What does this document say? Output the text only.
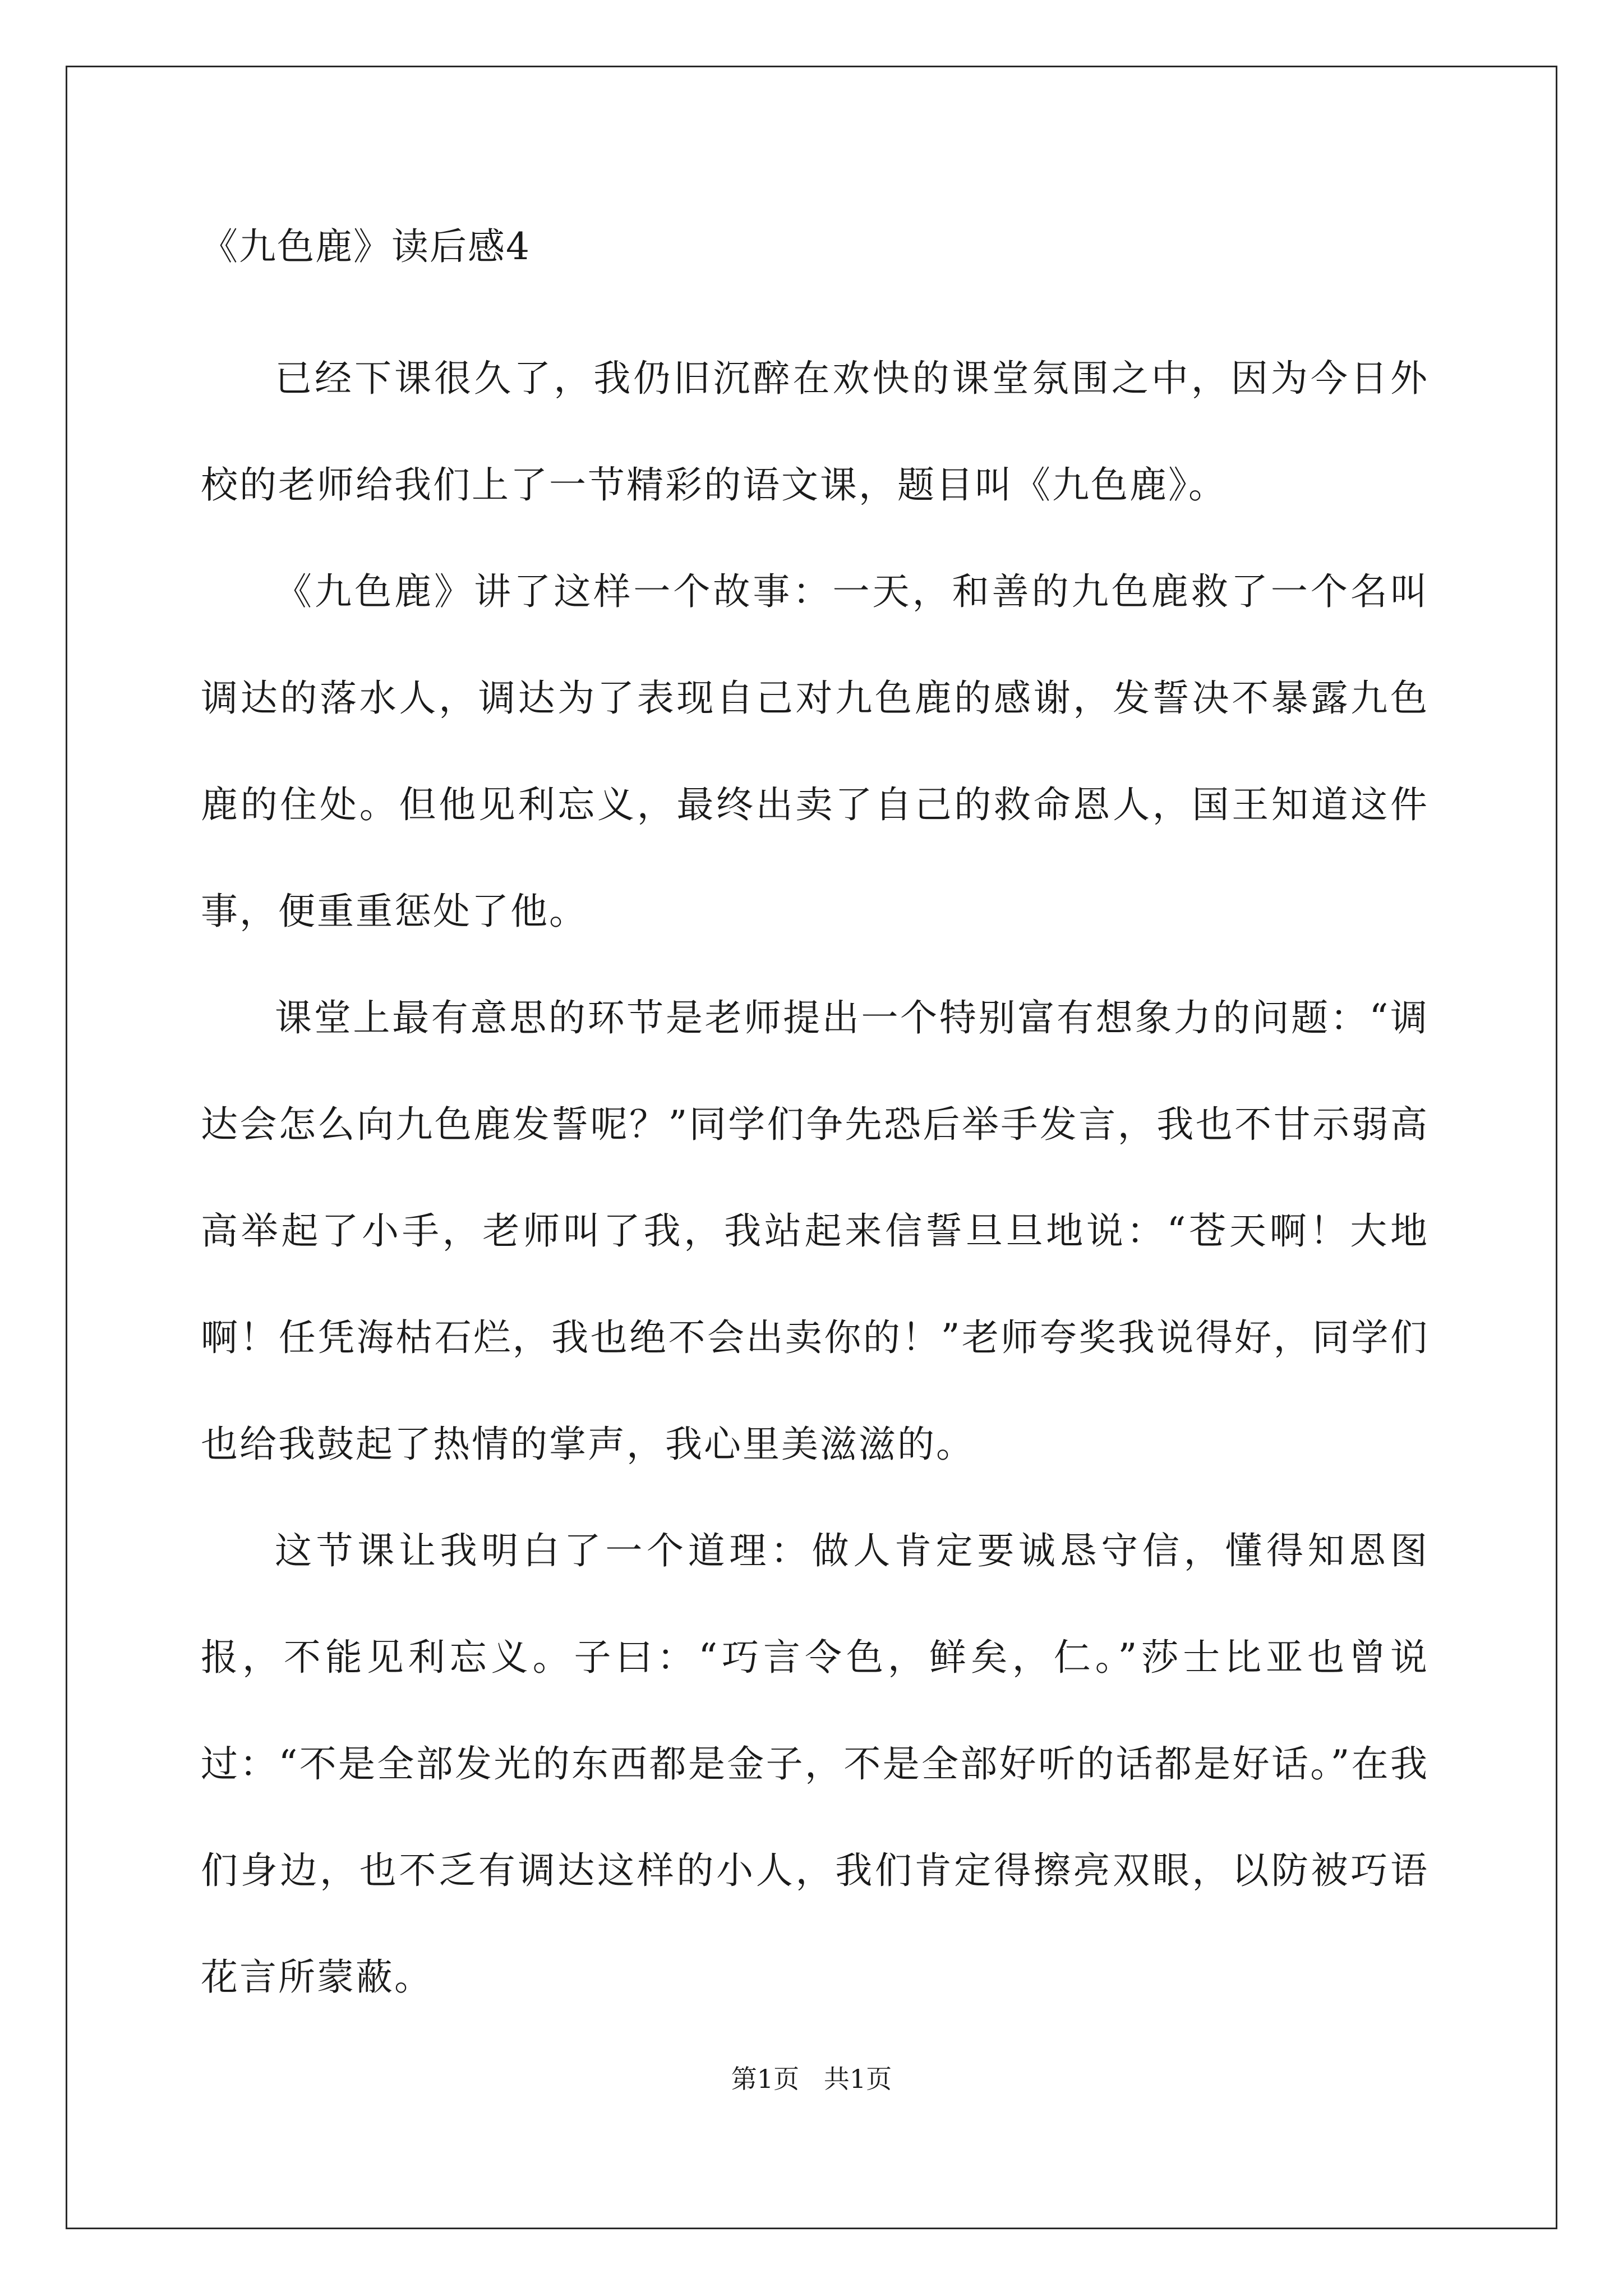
《九色鹿》读后感4

已经下课很久了，我仍旧沉醉在欢快的课堂氛围之中，因为今日外校的老师给我们上了一节精彩的语文课，题目叫《九色鹿》。

《九色鹿》讲了这样一个故事：一天，和善的九色鹿救了一个名叫调达的落水人，调达为了表现自己对九色鹿的感谢，发誓决不暴露九色鹿的住处。但他见利忘义，最终出卖了自己的救命恩人，国王知道这件事，便重重惩处了他。

课堂上最有意思的环节是老师提出一个特别富有想象力的问题：“调达会怎么向九色鹿发誓呢？”同学们争先恐后举手发言，我也不甘示弱高高举起了小手，老师叫了我，我站起来信誓旦旦地说：“苍天啊！大地啊！任凭海枯石烂，我也绝不会出卖你的！”老师夸奖我说得好，同学们也给我鼓起了热情的掌声，我心里美滋滋的。

这节课让我明白了一个道理：做人肯定要诚恳守信，懂得知恩图报，不能见利忘义。子曰：“巧言令色，鲜矣，仁。”莎士比亚也曾说过：“不是全部发光的东西都是金子，不是全部好听的话都是好话。”在我们身边，也不乏有调达这样的小人，我们肯定得擦亮双眼，以防被巧语花言所蒙蔽。

第1页   共1页
